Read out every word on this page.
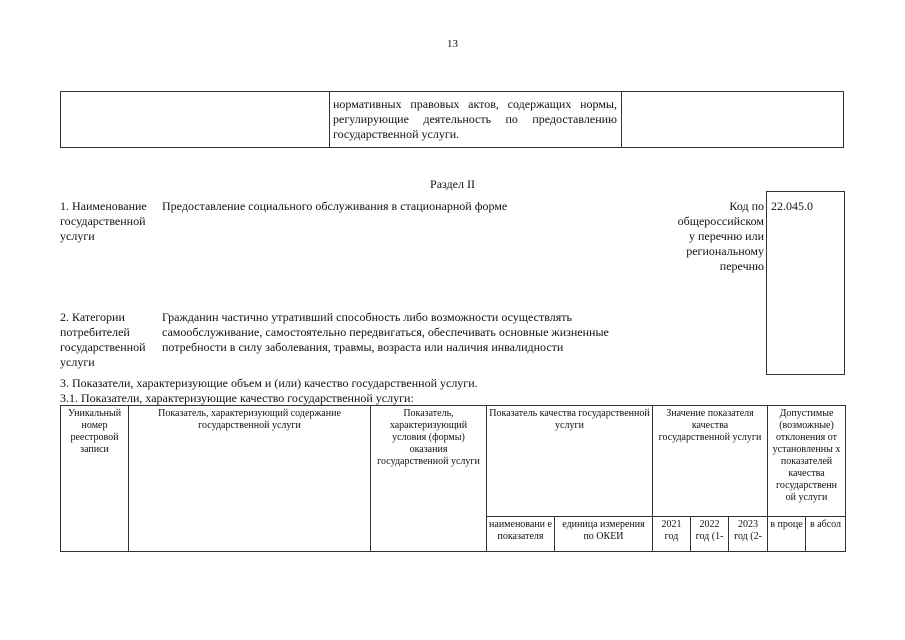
13
нормативных правовых актов, содержащих нормы, регулирующие деятельность по предоставлению государственной услуги.
Раздел II
1. Наименование
государственной
услуги
Предоставление социального обслуживания в стационарной форме	Код по
общероссийском
у перечню или
региональному
перечню
22.045.0
2. Категории
потребителей
государственной
услуги
Гражданин частично утративший способность либо возможности осуществлять
самообслуживание, самостоятельно передвигаться, обеспечивать основные жизненные
потребности в силу заболевания, травмы, возраста или наличия инвалидности
3. Показатели, характеризующие объем и (или) качество государственной услуги.
3.1. Показатели, характеризующие качество государственной услуги:
Уникальный номер реестровой записи	Показатель, характеризующий содержание государственной услуги	Показатель, характеризующий условия (формы) оказания государственной услуги	Показатель качества государственной услуги		Значение показателя качества государственной услуги			Допустимые (возможные) отклонения от установленны х показателей качества государственн ой услуги	
			наименовани е показателя	единица измерения по ОКЕИ	2021 год	2022 год (1-	2023 год (2-	в проце	в абсол
